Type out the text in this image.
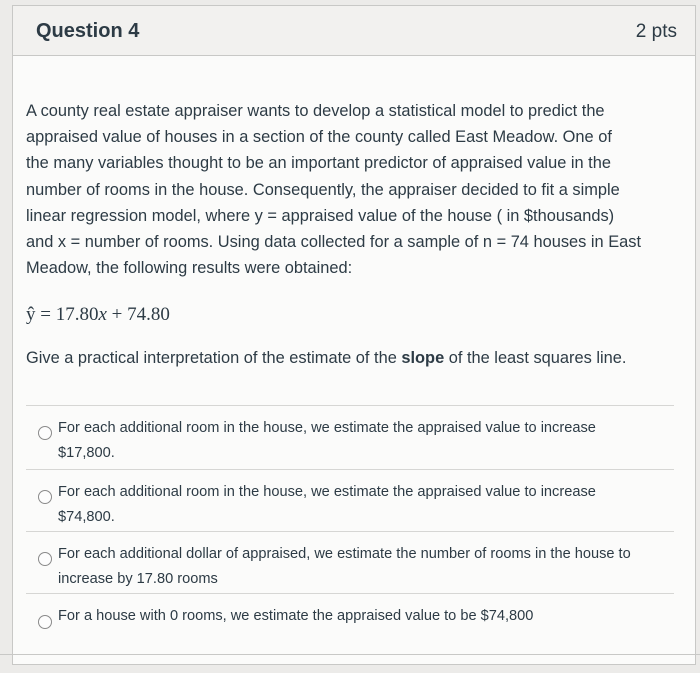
Question 4	2 pts

A county real estate appraiser wants to develop a statistical model to predict the
appraised value of houses in a section of the county called East Meadow. One of
the many variables thought to be an important predictor of appraised value in the
number of rooms in the house. Consequently, the appraiser decided to fit a simple
linear regression model, where y = appraised value of the house ( in $thousands)
and x = number of rooms. Using data collected for a sample of n = 74 houses in East
Meadow, the following results were obtained:

ŷ = 17.80x + 74.80
Give a practical interpretation of the estimate of the slope of the least squares line.
For each additional room in the house, we estimate the appraised value to increase
$17,800.
For each additional room in the house, we estimate the appraised value to increase
$74,800.
For each additional dollar of appraised, we estimate the number of rooms in the house to
increase by 17.80 rooms
For a house with 0 rooms, we estimate the appraised value to be $74,800
